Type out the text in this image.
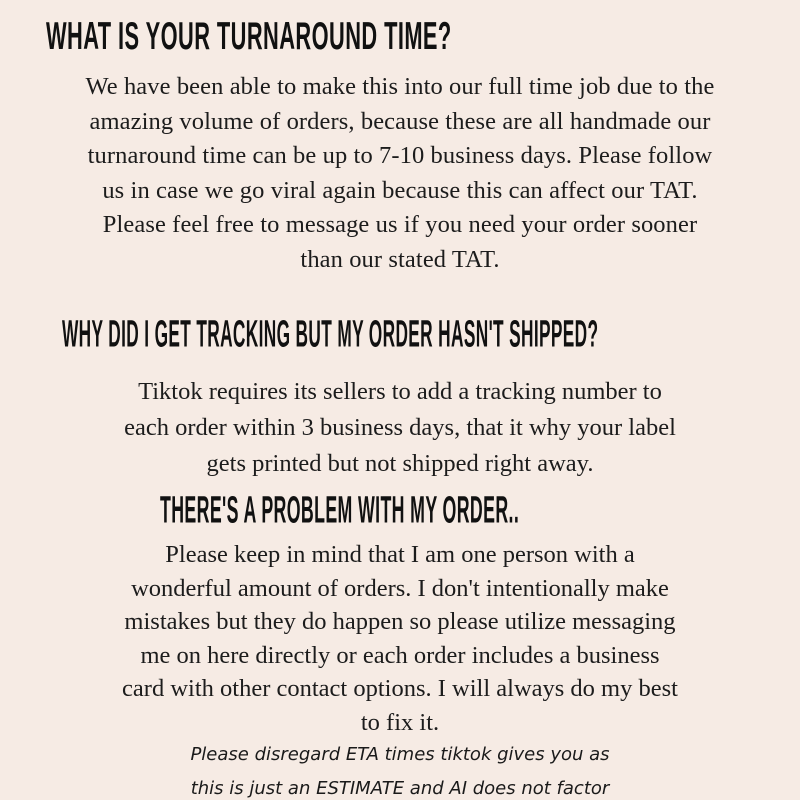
WHAT IS YOUR TURNAROUND TIME?

We have been able to make this into our full time job due to the
amazing volume of orders, because these are all handmade our
turnaround time can be up to 7-10 business days. Please follow
us in case we go viral again because this can affect our TAT.
Please feel free to message us if you need your order sooner
than our stated TAT.

WHY DID I GET TRACKING BUT MY ORDER HASN'T SHIPPED?

Tiktok requires its sellers to add a tracking number to
each order within 3 business days, that it why your label
gets printed but not shipped right away.

THERE'S A PROBLEM WITH MY ORDER..

Please keep in mind that I am one person with a
wonderful amount of orders. I don't intentionally make
mistakes but they do happen so please utilize messaging
me on here directly or each order includes a business
card with other contact options. I will always do my best
to fix it.

Please disregard ETA times tiktok gives you as
this is just an ESTIMATE and AI does not factor
